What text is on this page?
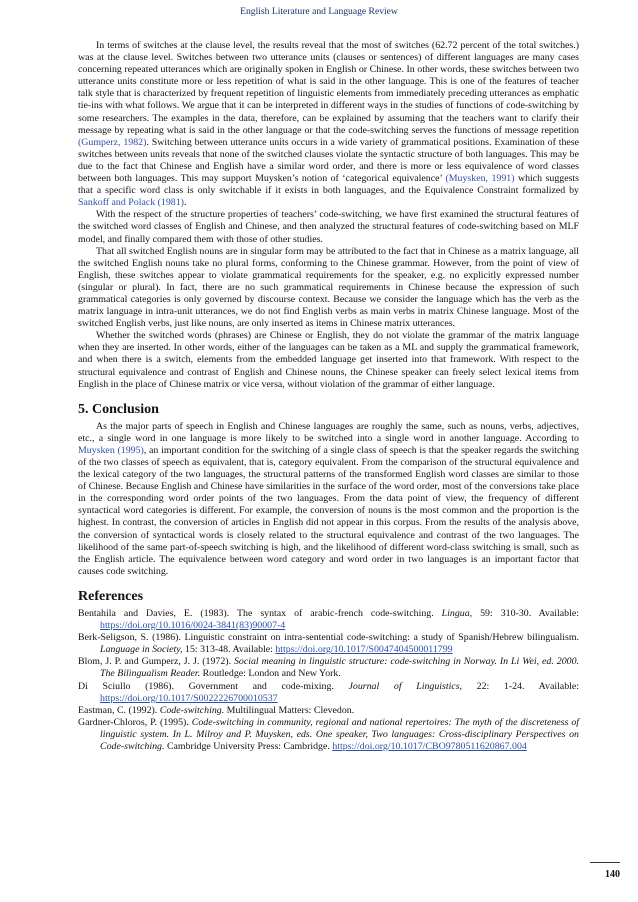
English Literature and Language Review

In terms of switches at the clause level, the results reveal that the most of switches (62.72 percent of the total switches.) was at the clause level. Switches between two utterance units (clauses or sentences) of different languages are many cases concerning repeated utterances which are originally spoken in English or Chinese. In other words, these switches between two utterance units constitute more or less repetition of what is said in the other language. This is one of the features of teacher talk style that is characterized by frequent repetition of linguistic elements from immediately preceding utterances as emphatic tie-ins with what follows. We argue that it can be interpreted in different ways in the studies of functions of code-switching by some researchers. The examples in the data, therefore, can be explained by assuming that the teachers want to clarify their message by repeating what is said in the other language or that the code-switching serves the functions of message repetition (Gumperz, 1982). Switching between utterance units occurs in a wide variety of grammatical positions. Examination of these switches between units reveals that none of the switched clauses violate the syntactic structure of both languages. This may be due to the fact that Chinese and English have a similar word order, and there is more or less equivalence of word classes between both languages. This may support Muysken’s notion of ‘categorical equivalence’ (Muysken, 1991) which suggests that a specific word class is only switchable if it exists in both languages, and the Equivalence Constraint formalized by Sankoff and Polack (1981).

With the respect of the structure properties of teachers’ code-switching, we have first examined the structural features of the switched word classes of English and Chinese, and then analyzed the structural features of code-switching based on MLF model, and finally compared them with those of other studies.

That all switched English nouns are in singular form may be attributed to the fact that in Chinese as a matrix language, all the switched English nouns take no plural forms, conforming to the Chinese grammar. However, from the point of view of English, these switches appear to violate grammatical requirements for the speaker, e.g. no explicitly expressed number (singular or plural). In fact, there are no such grammatical requirements in Chinese because the expression of such grammatical categories is only governed by discourse context. Because we consider the language which has the verb as the matrix language in intra-unit utterances, we do not find English verbs as main verbs in matrix Chinese language. Most of the switched English verbs, just like nouns, are only inserted as items in Chinese matrix utterances.

Whether the switched words (phrases) are Chinese or English, they do not violate the grammar of the matrix language when they are inserted. In other words, either of the languages can be taken as a ML and supply the grammatical framework, and when there is a switch, elements from the embedded language get inserted into that framework. With respect to the structural equivalence and contrast of English and Chinese nouns, the Chinese speaker can freely select lexical items from English in the place of Chinese matrix or vice versa, without violation of the grammar of either language.

5. Conclusion

As the major parts of speech in English and Chinese languages are roughly the same, such as nouns, verbs, adjectives, etc., a single word in one language is more likely to be switched into a single word in another language. According to Muysken (1995), an important condition for the switching of a single class of speech is that the speaker regards the switching of the two classes of speech as equivalent, that is, category equivalent. From the comparison of the structural equivalence and the lexical category of the two languages, the structural patterns of the transformed English word classes are similar to those of Chinese. Because English and Chinese have similarities in the surface of the word order, most of the conversions take place in the corresponding word order points of the two languages. From the data point of view, the frequency of different syntactical word categories is different. For example, the conversion of nouns is the most common and the proportion is the highest. In contrast, the conversion of articles in English did not appear in this corpus. From the results of the analysis above, the conversion of syntactical words is closely related to the structural equivalence and contrast of the two languages. The likelihood of the same part-of-speech switching is high, and the likelihood of different word-class switching is small, such as the English article. The equivalence between word category and word order in two languages is an important factor that causes code switching.

References

Bentahila and Davies, E. (1983). The syntax of arabic-french code-switching. Lingua, 59: 310-30. Available: https://doi.org/10.1016/0024-3841(83)90007-4

Berk-Seligson, S. (1986). Linguistic constraint on intra-sentential code-switching: a study of Spanish/Hebrew bilingualism. Language in Society, 15: 313-48. Available: https://doi.org/10.1017/S0047404500011799

Blom, J. P. and Gumperz, J. J. (1972). Social meaning in linguistic structure: code-switching in Norway. In Li Wei, ed. 2000. The Bilingualism Reader. Routledge: London and New York.

Di Sciullo (1986). Government and code-mixing. Journal of Linguistics, 22: 1-24. Available: https://doi.org/10.1017/S0022226700010537

Eastman, C. (1992). Code-switching. Multilingual Matters: Clevedon.

Gardner-Chloros, P. (1995). Code-switching in community, regional and national repertoires: The myth of the discreteness of linguistic system. In L. Milroy and P. Muysken, eds. One speaker, Two languages: Cross-disciplinary Perspectives on Code-switching. Cambridge University Press: Cambridge. https://doi.org/10.1017/CBO9780511620867.004

140
